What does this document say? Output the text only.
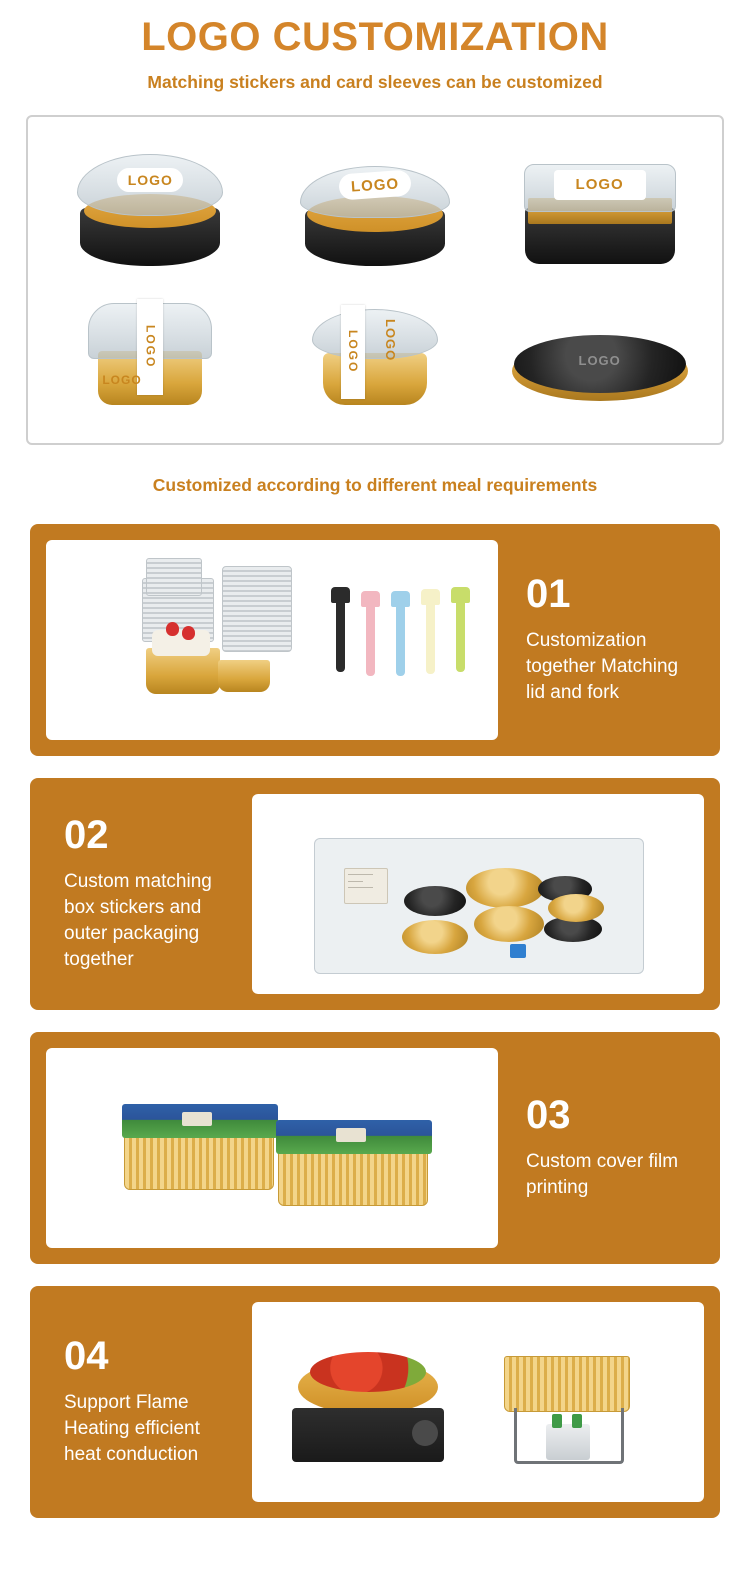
LOGO CUSTOMIZATION
Matching stickers and card sleeves can be customized
LOGO	LOGO	LOGO
LOGO
LOGO
LOGO	LOGO	LOGO
Customized according to different meal requirements
01
Customization together Matching lid and fork
02
Custom matching box stickers and outer packaging together
—————
———
—————
03
Custom cover film printing
04
Support Flame Heating efficient heat conduction
